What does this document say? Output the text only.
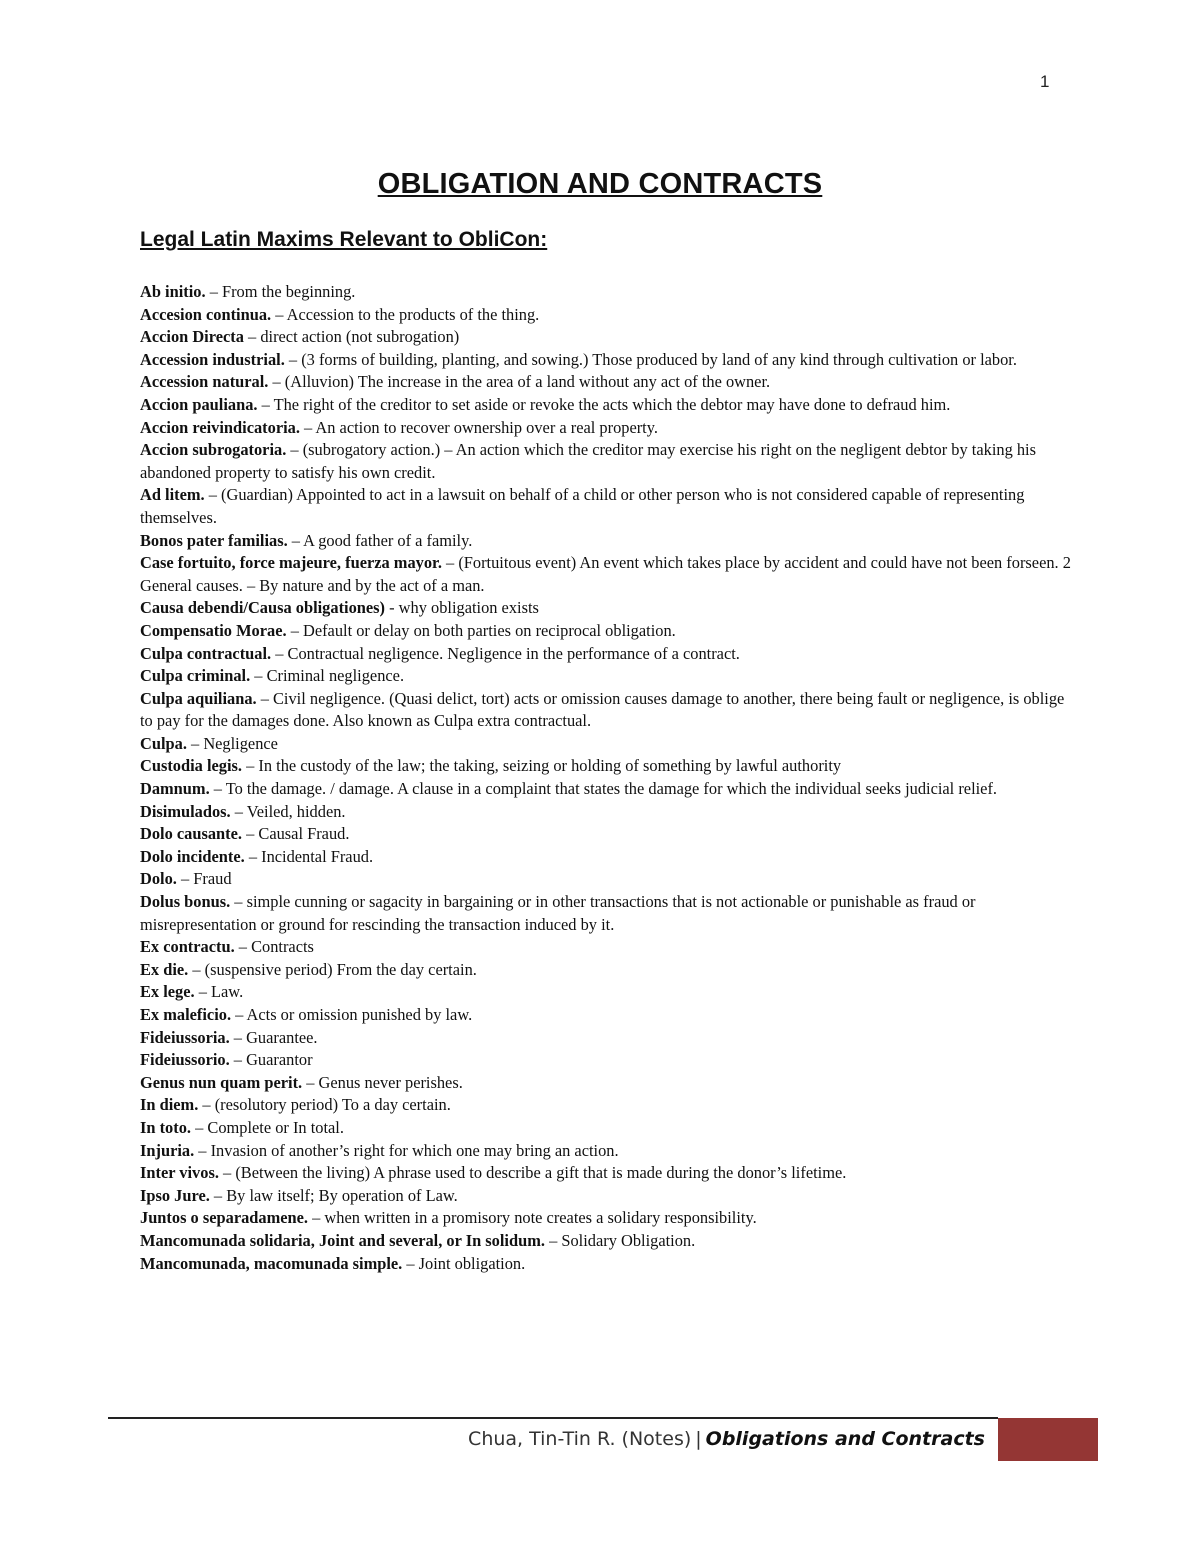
1
OBLIGATION AND CONTRACTS
Legal Latin Maxims Relevant to ObliCon:
Ab initio. – From the beginning.
Accesion continua. – Accession to the products of the thing.
Accion Directa – direct action (not subrogation)
Accession industrial. – (3 forms of building, planting, and sowing.) Those produced by land of any kind through cultivation or labor.
Accession natural. – (Alluvion) The increase in the area of a land without any act of the owner.
Accion pauliana. – The right of the creditor to set aside or revoke the acts which the debtor may have done to defraud him.
Accion reivindicatoria. – An action to recover ownership over a real property.
Accion subrogatoria. – (subrogatory action.) – An action which the creditor may exercise his right on the negligent debtor by taking his abandoned property to satisfy his own credit.
Ad litem. – (Guardian) Appointed to act in a lawsuit on behalf of a child or other person who is not considered capable of representing themselves.
Bonos pater familias. – A good father of a family.
Case fortuito, force majeure, fuerza mayor. – (Fortuitous event) An event which takes place by accident and could have not been forseen. 2 General causes. – By nature and by the act of a man.
Causa debendi/Causa obligationes) - why obligation exists
Compensatio Morae. – Default or delay on both parties on reciprocal obligation.
Culpa contractual. – Contractual negligence. Negligence in the performance of a contract.
Culpa criminal. – Criminal negligence.
Culpa aquiliana. – Civil negligence. (Quasi delict, tort) acts or omission causes damage to another, there being fault or negligence, is oblige to pay for the damages done. Also known as Culpa extra contractual.
Culpa. – Negligence
Custodia legis. – In the custody of the law; the taking, seizing or holding of something by lawful authority
Damnum. – To the damage. / damage. A clause in a complaint that states the damage for which the individual seeks judicial relief.
Disimulados. – Veiled, hidden.
Dolo causante. – Causal Fraud.
Dolo incidente. – Incidental Fraud.
Dolo. – Fraud
Dolus bonus. – simple cunning or sagacity in bargaining or in other transactions that is not actionable or punishable as fraud or misrepresentation or ground for rescinding the transaction induced by it.
Ex contractu. – Contracts
Ex die. – (suspensive period) From the day certain.
Ex lege. – Law.
Ex maleficio. – Acts or omission punished by law.
Fideiussoria. – Guarantee.
Fideiussorio. – Guarantor
Genus nun quam perit. – Genus never perishes.
In diem. – (resolutory period) To a day certain.
In toto. – Complete or In total.
Injuria. – Invasion of another’s right for which one may bring an action.
Inter vivos. – (Between the living) A phrase used to describe a gift that is made during the donor’s lifetime.
Ipso Jure. – By law itself; By operation of Law.
Juntos o separadamene. – when written in a promisory note creates a solidary responsibility.
Mancomunada solidaria, Joint and several, or In solidum. – Solidary Obligation.
Mancomunada, macomunada simple. – Joint obligation.
Chua, Tin-Tin R. (Notes) | Obligations and Contracts
